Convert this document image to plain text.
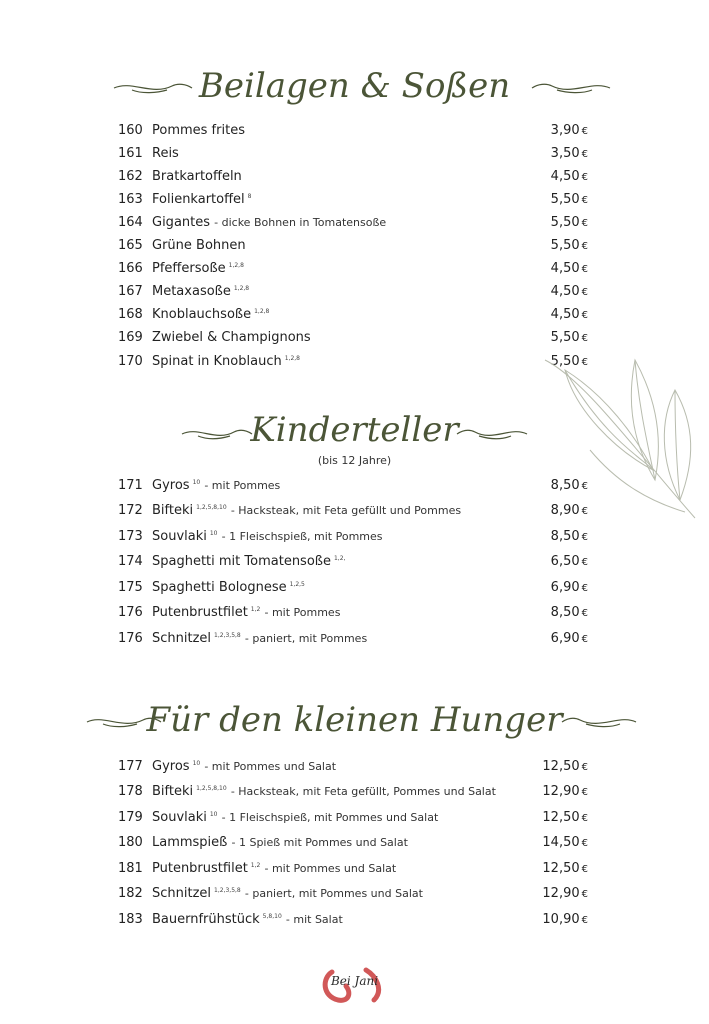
Beilagen & Soßen
160 Pommes frites	3,90 €
161 Reis	3,50 €
162 Bratkartoffeln	4,50 €
163 Folienkartoffel $^8$	5,50 €
164 Gigantes - dicke Bohnen in Tomatensoße	5,50 €
165 Grüne Bohnen	5,50 €
166 Pfeffersoße $^{1,2,8}$	4,50 €
167 Metaxasoße $^{1,2,8}$	4,50 €
168 Knoblauchsoße $^{1,2,8}$	4,50 €
169 Zwiebel & Champignons	5,50 €
170 Spinat in Knoblauch $^{1,2,8}$	5,50 €
Kinderteller
(bis 12 Jahre)
171 Gyros $^{10}$ - mit Pommes	8,50 €
172 Bifteki $^{1,2,5,8,10}$ - Hacksteak, mit Feta gefüllt und Pommes	8,90 €
173 Souvlaki $^{10}$ - 1 Fleischspieß, mit Pommes	8,50 €
174 Spaghetti mit Tomatensoße $^{1,2,}$	6,50 €
175 Spaghetti Bolognese $^{1,2,5}$	6,90 €
176 Putenbrustfilet $^{1,2}$ - mit Pommes	8,50 €
176 Schnitzel $^{1,2,3,5,8}$ - paniert, mit Pommes	6,90 €
Für den kleinen Hunger
177 Gyros $^{10}$ - mit Pommes und Salat	12,50 €
178 Bifteki $^{1,2,5,8,10}$ - Hacksteak, mit Feta gefüllt, Pommes und Salat	12,90 €
179 Souvlaki $^{10}$ - 1 Fleischspieß, mit Pommes und Salat	12,50 €
180 Lammspieß - 1 Spieß mit Pommes und Salat	14,50 €
181 Putenbrustfilet $^{1,2}$ - mit Pommes und Salat	12,50 €
182 Schnitzel $^{1,2,3,5,8}$ - paniert, mit Pommes und Salat	12,90 €
183 Bauernfrühstück $^{5,8,10}$ - mit Salat	10,90 €
Bei Jani
